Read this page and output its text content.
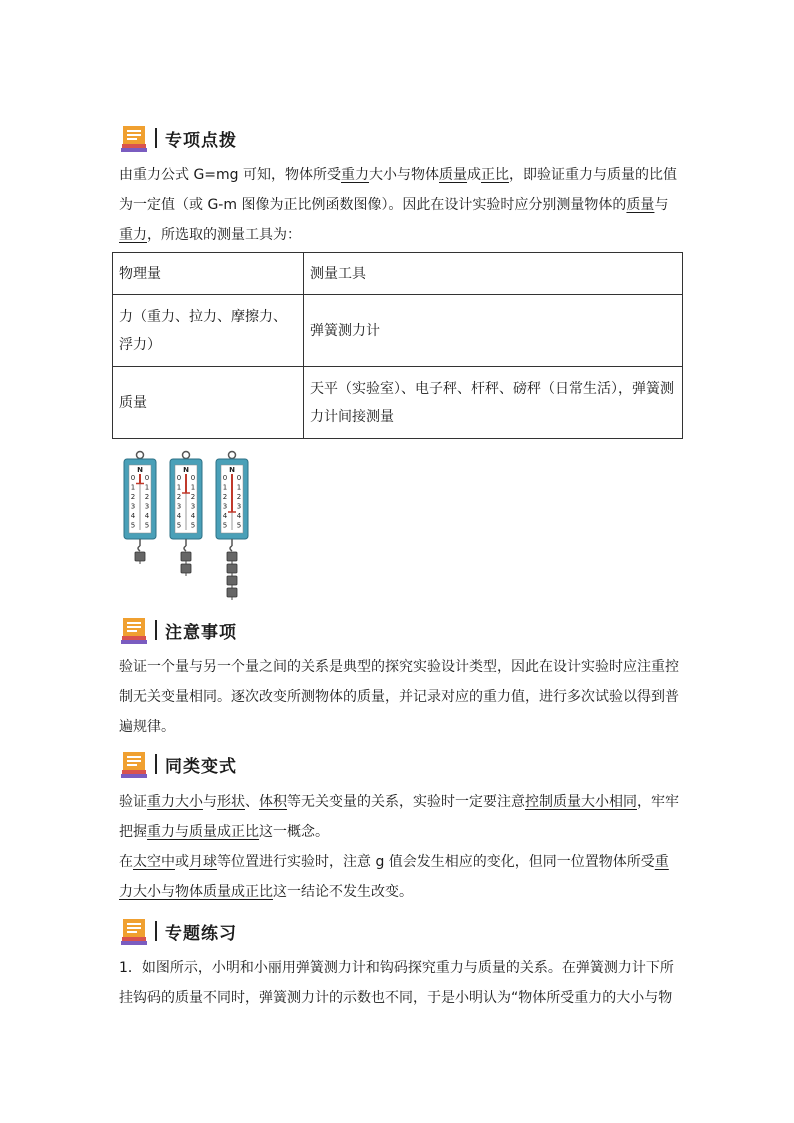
专项点拨
由重力公式 G=mg 可知，物体所受重力大小与物体质量成正比，即验证重力与质量的比值为一定值（或 G-m 图像为正比例函数图像）。因此在设计实验时应分别测量物体的质量与重力，所选取的测量工具为：
物理量	测量工具
力（重力、拉力、摩擦力、浮力）	弹簧测力计
质量	天平（实验室）、电子秤、杆秤、磅秤（日常生活），弹簧测力计间接测量
N
0 0
1 1
2 2
3 3
4 4
5 5
N
0 0
1 1
2 2
3 3
4 4
5 5
N
0 0
1 1
2 2
3 3
4 4
5 5
注意事项
验证一个量与另一个量之间的关系是典型的探究实验设计类型，因此在设计实验时应注重控制无关变量相同。逐次改变所测物体的质量，并记录对应的重力值，进行多次试验以得到普遍规律。
同类变式
验证重力大小与形状、体积等无关变量的关系，实验时一定要注意控制质量大小相同，牢牢把握重力与质量成正比这一概念。
在太空中或月球等位置进行实验时，注意 g 值会发生相应的变化，但同一位置物体所受重力大小与物体质量成正比这一结论不发生改变。
专题练习
1．如图所示，小明和小丽用弹簧测力计和钩码探究重力与质量的关系。在弹簧测力计下所挂钩码的质量不同时，弹簧测力计的示数也不同，于是小明认为“物体所受重力的大小与物
